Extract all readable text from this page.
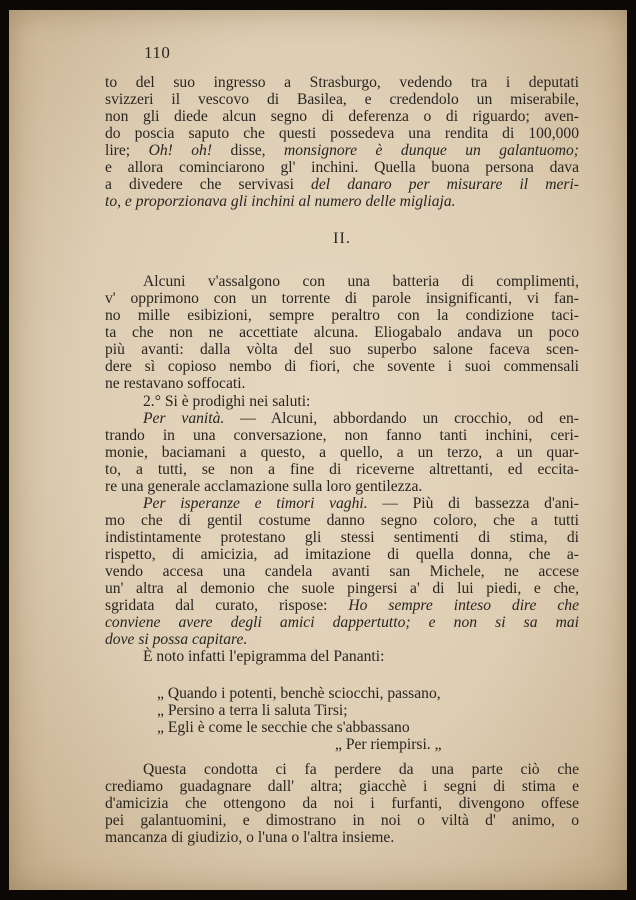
110
to del suo ingresso a Strasburgo, vedendo tra i deputati
svizzeri il vescovo di Basilea, e credendolo un miserabile,
non gli diede alcun segno di deferenza o di riguardo; aven-
do poscia saputo che questi possedeva una rendita di 100,000
lire; Oh! oh! disse, monsignore è dunque un galantuomo;
e allora cominciarono gl' inchini. Quella buona persona dava
a divedere che servivasi del danaro per misurare il meri-
to, e proporzionava gli inchini al numero delle migliaja.
II.
Alcuni v'assalgono con una batteria di complimenti,
v' opprimono con un torrente di parole insignificanti, vi fan-
no mille esibizioni, sempre peraltro con la condizione taci-
ta che non ne accettiate alcuna. Eliogabalo andava un poco
più avanti: dalla vòlta del suo superbo salone faceva scen-
dere sì copioso nembo di fiori, che sovente i suoi commensali
ne restavano soffocati.
2.° Si è prodighi nei saluti:
Per vanità. — Alcuni, abbordando un crocchio, od en-
trando in una conversazione, non fanno tanti inchini, ceri-
monie, baciamani a questo, a quello, a un terzo, a un quar-
to, a tutti, se non a fine di riceverne altrettanti, ed eccita-
re una generale acclamazione sulla loro gentilezza.
Per isperanze e timori vaghi. — Più di bassezza d'ani-
mo che di gentil costume danno segno coloro, che a tutti
indistintamente protestano gli stessi sentimenti di stima, di
rispetto, di amicizia, ad imitazione di quella donna, che a-
vendo accesa una candela avanti san Michele, ne accese
un' altra al demonio che suole pingersi a' di lui piedi, e che,
sgridata dal curato, rispose: Ho sempre inteso dire che
conviene avere degli amici dappertutto; e non si sa mai
dove si possa capitare.
È noto infatti l'epigramma del Pananti:
„ Quando i potenti, benchè sciocchi, passano,
„ Persino a terra li saluta Tirsi;
„ Egli è come le secchie che s'abbassano
„ Per riempirsi. „
Questa condotta ci fa perdere da una parte ciò che
crediamo guadagnare dall' altra; giacchè i segni di stima e
d'amicizia che ottengono da noi i furfanti, divengono offese
pei galantuomini, e dimostrano in noi o viltà d' animo, o
mancanza di giudizio, o l'una o l'altra insieme.
